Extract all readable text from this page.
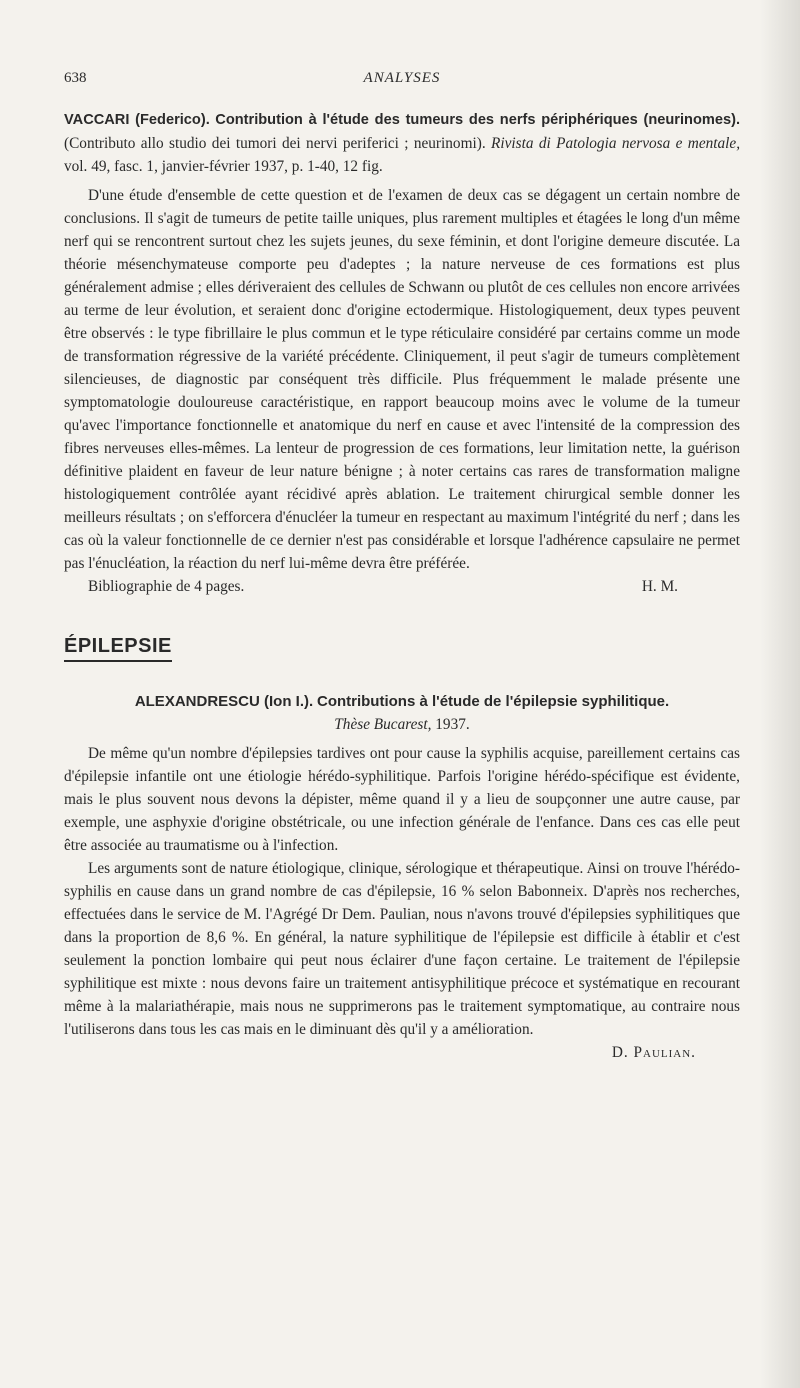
638	ANALYSES
VACCARI (Federico). Contribution à l'étude des tumeurs des nerfs périphériques (neurinomes). (Contributo allo studio dei tumori dei nervi periferici ; neurinomi). Rivista di Patologia nervosa e mentale, vol. 49, fasc. 1, janvier-février 1937, p. 1-40, 12 fig.

D'une étude d'ensemble de cette question et de l'examen de deux cas se dégagent un certain nombre de conclusions. Il s'agit de tumeurs de petite taille uniques, plus rarement multiples et étagées le long d'un même nerf qui se rencontrent surtout chez les sujets jeunes, du sexe féminin, et dont l'origine demeure discutée. La théorie mésenchymateuse comporte peu d'adeptes ; la nature nerveuse de ces formations est plus généralement admise ; elles dériveraient des cellules de Schwann ou plutôt de ces cellules non encore arrivées au terme de leur évolution, et seraient donc d'origine ectodermique. Histologiquement, deux types peuvent être observés : le type fibrillaire le plus commun et le type réticulaire considéré par certains comme un mode de transformation régressive de la variété précédente. Cliniquement, il peut s'agir de tumeurs complètement silencieuses, de diagnostic par conséquent très difficile. Plus fréquemment le malade présente une symptomatologie douloureuse caractéristique, en rapport beaucoup moins avec le volume de la tumeur qu'avec l'importance fonctionnelle et anatomique du nerf en cause et avec l'intensité de la compression des fibres nerveuses elles-mêmes. La lenteur de progression de ces formations, leur limitation nette, la guérison définitive plaident en faveur de leur nature bénigne ; à noter certains cas rares de transformation maligne histologiquement contrôlée ayant récidivé après ablation. Le traitement chirurgical semble donner les meilleurs résultats ; on s'efforcera d'énucléer la tumeur en respectant au maximum l'intégrité du nerf ; dans les cas où la valeur fonctionnelle de ce dernier n'est pas considérable et lorsque l'adhérence capsulaire ne permet pas l'énucléation, la réaction du nerf lui-même devra être préférée.

Bibliographie de 4 pages.	H. M.
ÉPILEPSIE
ALEXANDRESCU (Ion I.). Contributions à l'étude de l'épilepsie syphilitique.
Thèse Bucarest, 1937.

De même qu'un nombre d'épilepsies tardives ont pour cause la syphilis acquise, pareillement certains cas d'épilepsie infantile ont une étiologie hérédo-syphilitique. Parfois l'origine hérédo-spécifique est évidente, mais le plus souvent nous devons la dépister, même quand il y a lieu de soupçonner une autre cause, par exemple, une asphyxie d'origine obstétricale, ou une infection générale de l'enfance. Dans ces cas elle peut être associée au traumatisme ou à l'infection.

Les arguments sont de nature étiologique, clinique, sérologique et thérapeutique. Ainsi on trouve l'hérédo-syphilis en cause dans un grand nombre de cas d'épilepsie, 16 % selon Babonneix. D'après nos recherches, effectuées dans le service de M. l'Agrégé Dr Dem. Paulian, nous n'avons trouvé d'épilepsies syphilitiques que dans la proportion de 8,6 %. En général, la nature syphilitique de l'épilepsie est difficile à établir et c'est seulement la ponction lombaire qui peut nous éclairer d'une façon certaine. Le traitement de l'épilepsie syphilitique est mixte : nous devons faire un traitement antisyphilitique précoce et systématique en recourant même à la malariathérapie, mais nous ne supprimerons pas le traitement symptomatique, au contraire nous l'utiliserons dans tous les cas mais en le diminuant dès qu'il y a amélioration.

D. Paulian.
